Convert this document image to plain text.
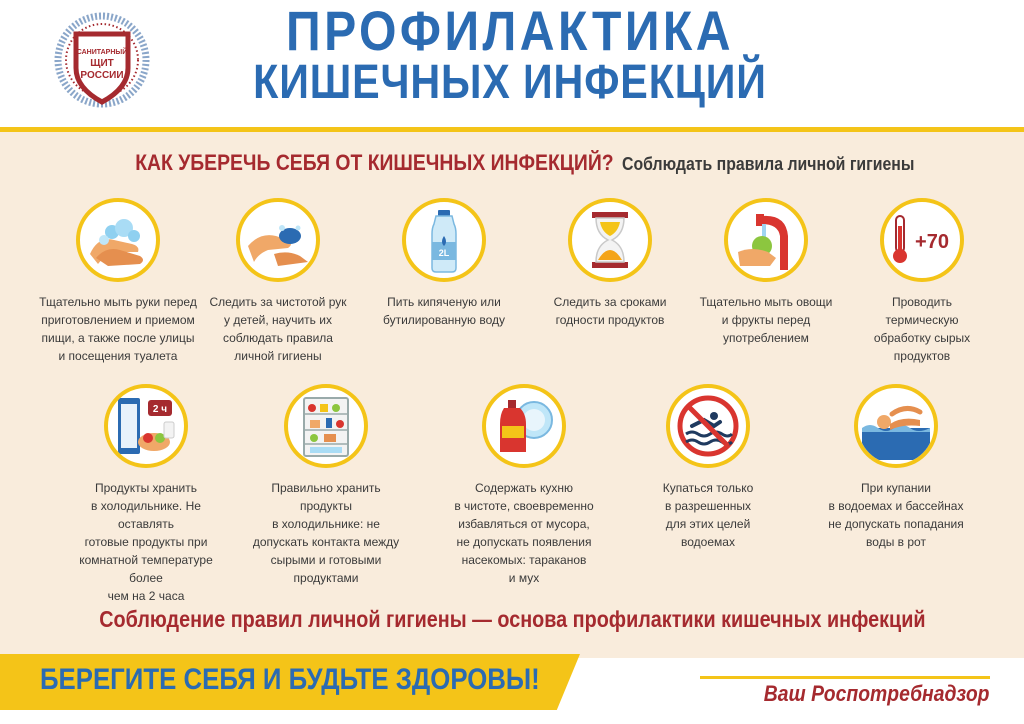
САНИТАРНЫЙ
ЩИТ
РОССИИ
ПРОФИЛАКТИКА
КИШЕЧНЫХ ИНФЕКЦИЙ
КАК УБЕРЕЧЬ СЕБЯ ОТ КИШЕЧНЫХ ИНФЕКЦИЙ? Соблюдать правила личной гигиены
Тщательно мыть руки перед
приготовлением и приемом
пищи, а также после улицы
и посещения туалета
Следить за чистотой рук
у детей, научить их
соблюдать правила
личной гигиены
2L
Пить кипяченую или
бутилированную воду
Следить за сроками
годности продуктов
Тщательно мыть овощи
и фрукты перед
употреблением
+70
Проводить
термическую
обработку сырых
продуктов
2 ч
Продукты хранить
в холодильнике. Не оставлять
готовые продукты при
комнатной температуре более
чем на 2 часа
Правильно хранить продукты
в холодильнике: не
допускать контакта между
сырыми и готовыми
продуктами
Содержать кухню
в чистоте, своевременно
избавляться от мусора,
не допускать появления
насекомых: тараканов
и мух
Купаться только
в разрешенных
для этих целей
водоемах
При купании
в водоемах и бассейнах
не допускать попадания
воды в рот
Соблюдение правил личной гигиены — основа профилактики кишечных инфекций
БЕРЕГИТЕ СЕБЯ И БУДЬТЕ ЗДОРОВЫ!	Ваш Роспотребнадзор
